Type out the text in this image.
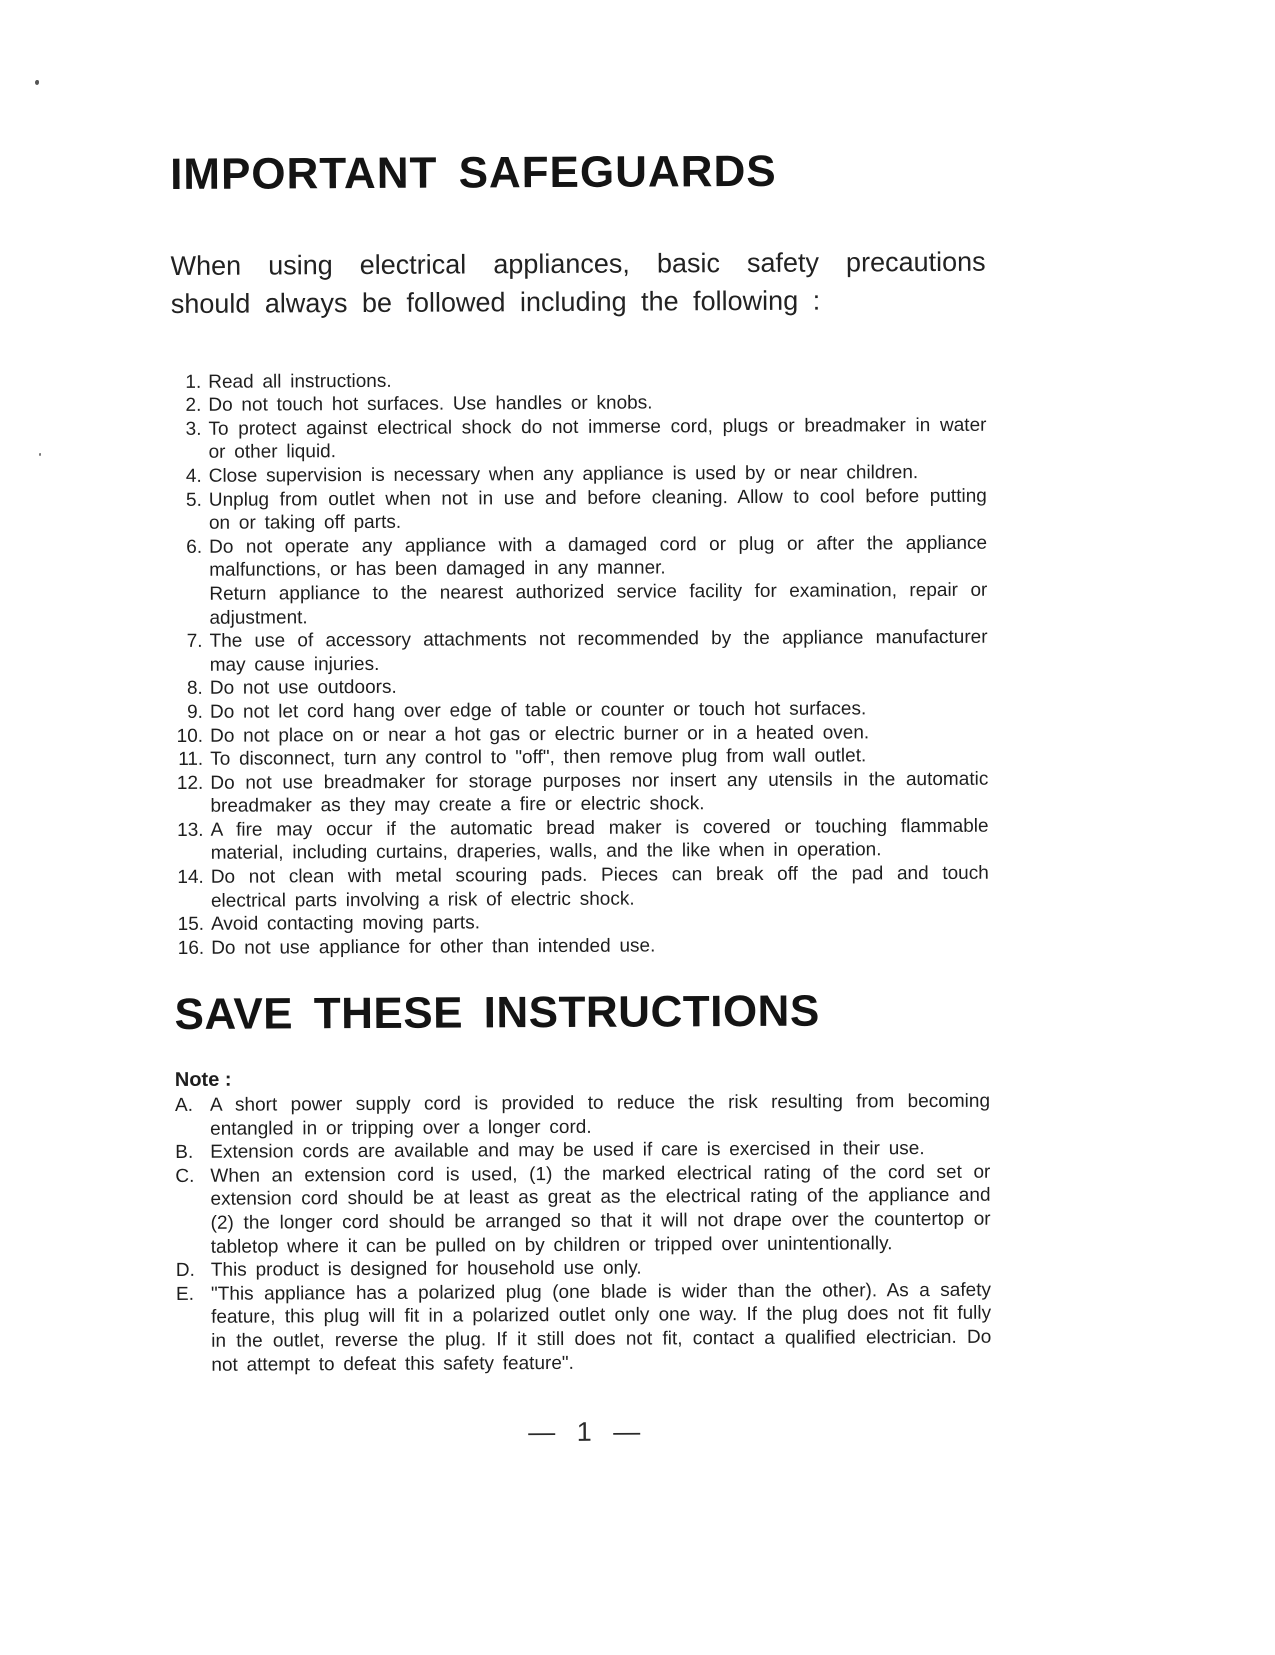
IMPORTANT SAFEGUARDS

When using electrical appliances, basic safety precautions should always be followed including the following :

1. Read all instructions.
2. Do not touch hot surfaces. Use handles or knobs.
3. To protect against electrical shock do not immerse cord, plugs or breadmaker in water or other liquid.
4. Close supervision is necessary when any appliance is used by or near children.
5. Unplug from outlet when not in use and before cleaning. Allow to cool before putting on or taking off parts.
6. Do not operate any appliance with a damaged cord or plug or after the appliance malfunctions, or has been damaged in any manner.
Return appliance to the nearest authorized service facility for examination, repair or adjustment.
7. The use of accessory attachments not recommended by the appliance manufacturer may cause injuries.
8. Do not use outdoors.
9. Do not let cord hang over edge of table or counter or touch hot surfaces.
10. Do not place on or near a hot gas or electric burner or in a heated oven.
11. To disconnect, turn any control to "off", then remove plug from wall outlet.
12. Do not use breadmaker for storage purposes nor insert any utensils in the automatic breadmaker as they may create a fire or electric shock.
13. A fire may occur if the automatic bread maker is covered or touching flammable material, including curtains, draperies, walls, and the like when in operation.
14. Do not clean with metal scouring pads. Pieces can break off the pad and touch electrical parts involving a risk of electric shock.
15. Avoid contacting moving parts.
16. Do not use appliance for other than intended use.
SAVE THESE INSTRUCTIONS

Note :

A. A short power supply cord is provided to reduce the risk resulting from becoming entangled in or tripping over a longer cord.
B. Extension cords are available and may be used if care is exercised in their use.
C. When an extension cord is used, (1) the marked electrical rating of the cord set or extension cord should be at least as great as the electrical rating of the appliance and (2) the longer cord should be arranged so that it will not drape over the countertop or tabletop where it can be pulled on by children or tripped over unintentionally.
D. This product is designed for household use only.
E. "This appliance has a polarized plug (one blade is wider than the other). As a safety feature, this plug will fit in a polarized outlet only one way. If the plug does not fit fully in the outlet, reverse the plug. If it still does not fit, contact a qualified electrician. Do not attempt to defeat this safety feature".
— 1 —
